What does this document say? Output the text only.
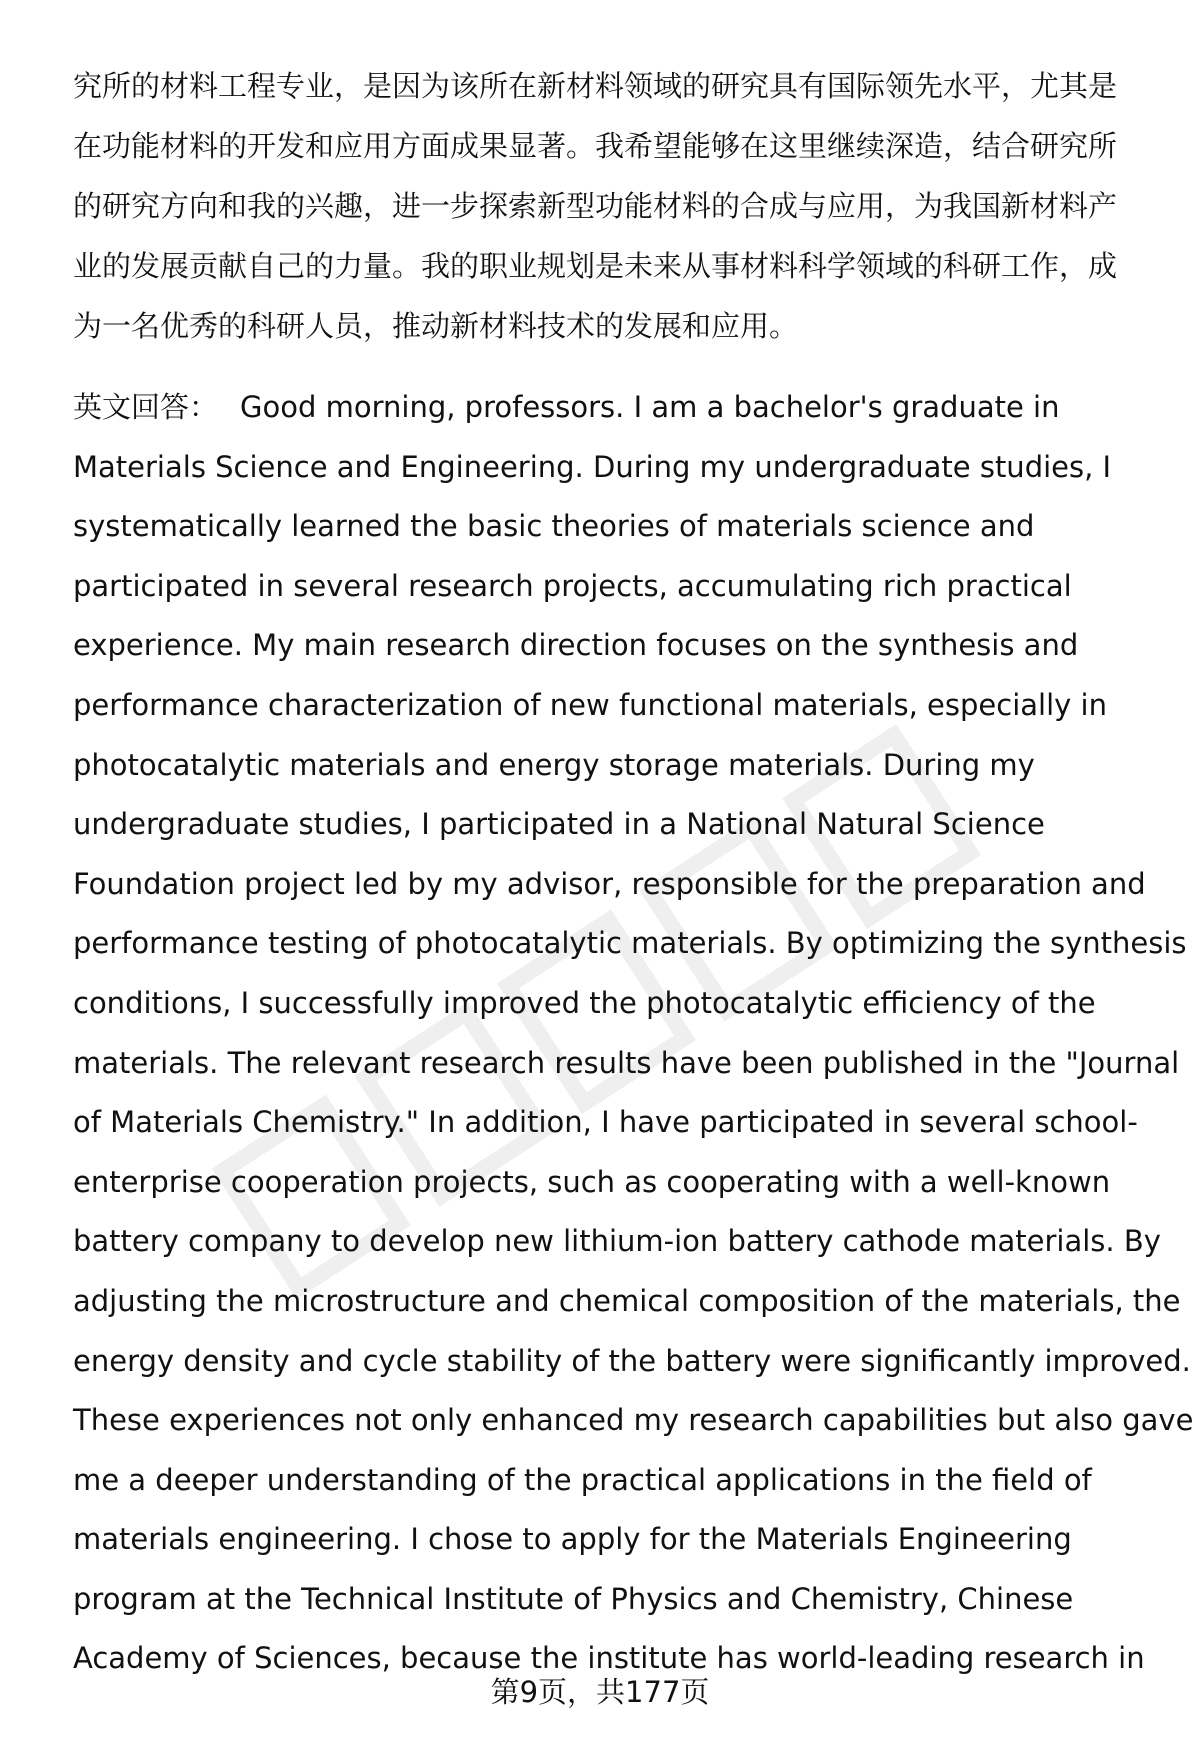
究所的材料工程专业，是因为该所在新材料领域的研究具有国际领先水平，尤其是
在功能材料的开发和应用方面成果显著。我希望能够在这里继续深造，结合研究所
的研究方向和我的兴趣，进一步探索新型功能材料的合成与应用，为我国新材料产
业的发展贡献自己的力量。我的职业规划是未来从事材料科学领域的科研工作，成
为一名优秀的科研人员，推动新材料技术的发展和应用。
英文回答： Good morning, professors. I am a bachelor's graduate in
Materials Science and Engineering. During my undergraduate studies, I
systematically learned the basic theories of materials science and
participated in several research projects, accumulating rich practical
experience. My main research direction focuses on the synthesis and
performance characterization of new functional materials, especially in
photocatalytic materials and energy storage materials. During my
undergraduate studies, I participated in a National Natural Science
Foundation project led by my advisor, responsible for the preparation and
performance testing of photocatalytic materials. By optimizing the synthesis
conditions, I successfully improved the photocatalytic efficiency of the
materials. The relevant research results have been published in the "Journal
of Materials Chemistry." In addition, I have participated in several school-
enterprise cooperation projects, such as cooperating with a well-known
battery company to develop new lithium-ion battery cathode materials. By
adjusting the microstructure and chemical composition of the materials, the
energy density and cycle stability of the battery were significantly improved.
These experiences not only enhanced my research capabilities but also gave
me a deeper understanding of the practical applications in the field of
materials engineering. I chose to apply for the Materials Engineering
program at the Technical Institute of Physics and Chemistry, Chinese
Academy of Sciences, because the institute has world-leading research in
第9页，共177页
